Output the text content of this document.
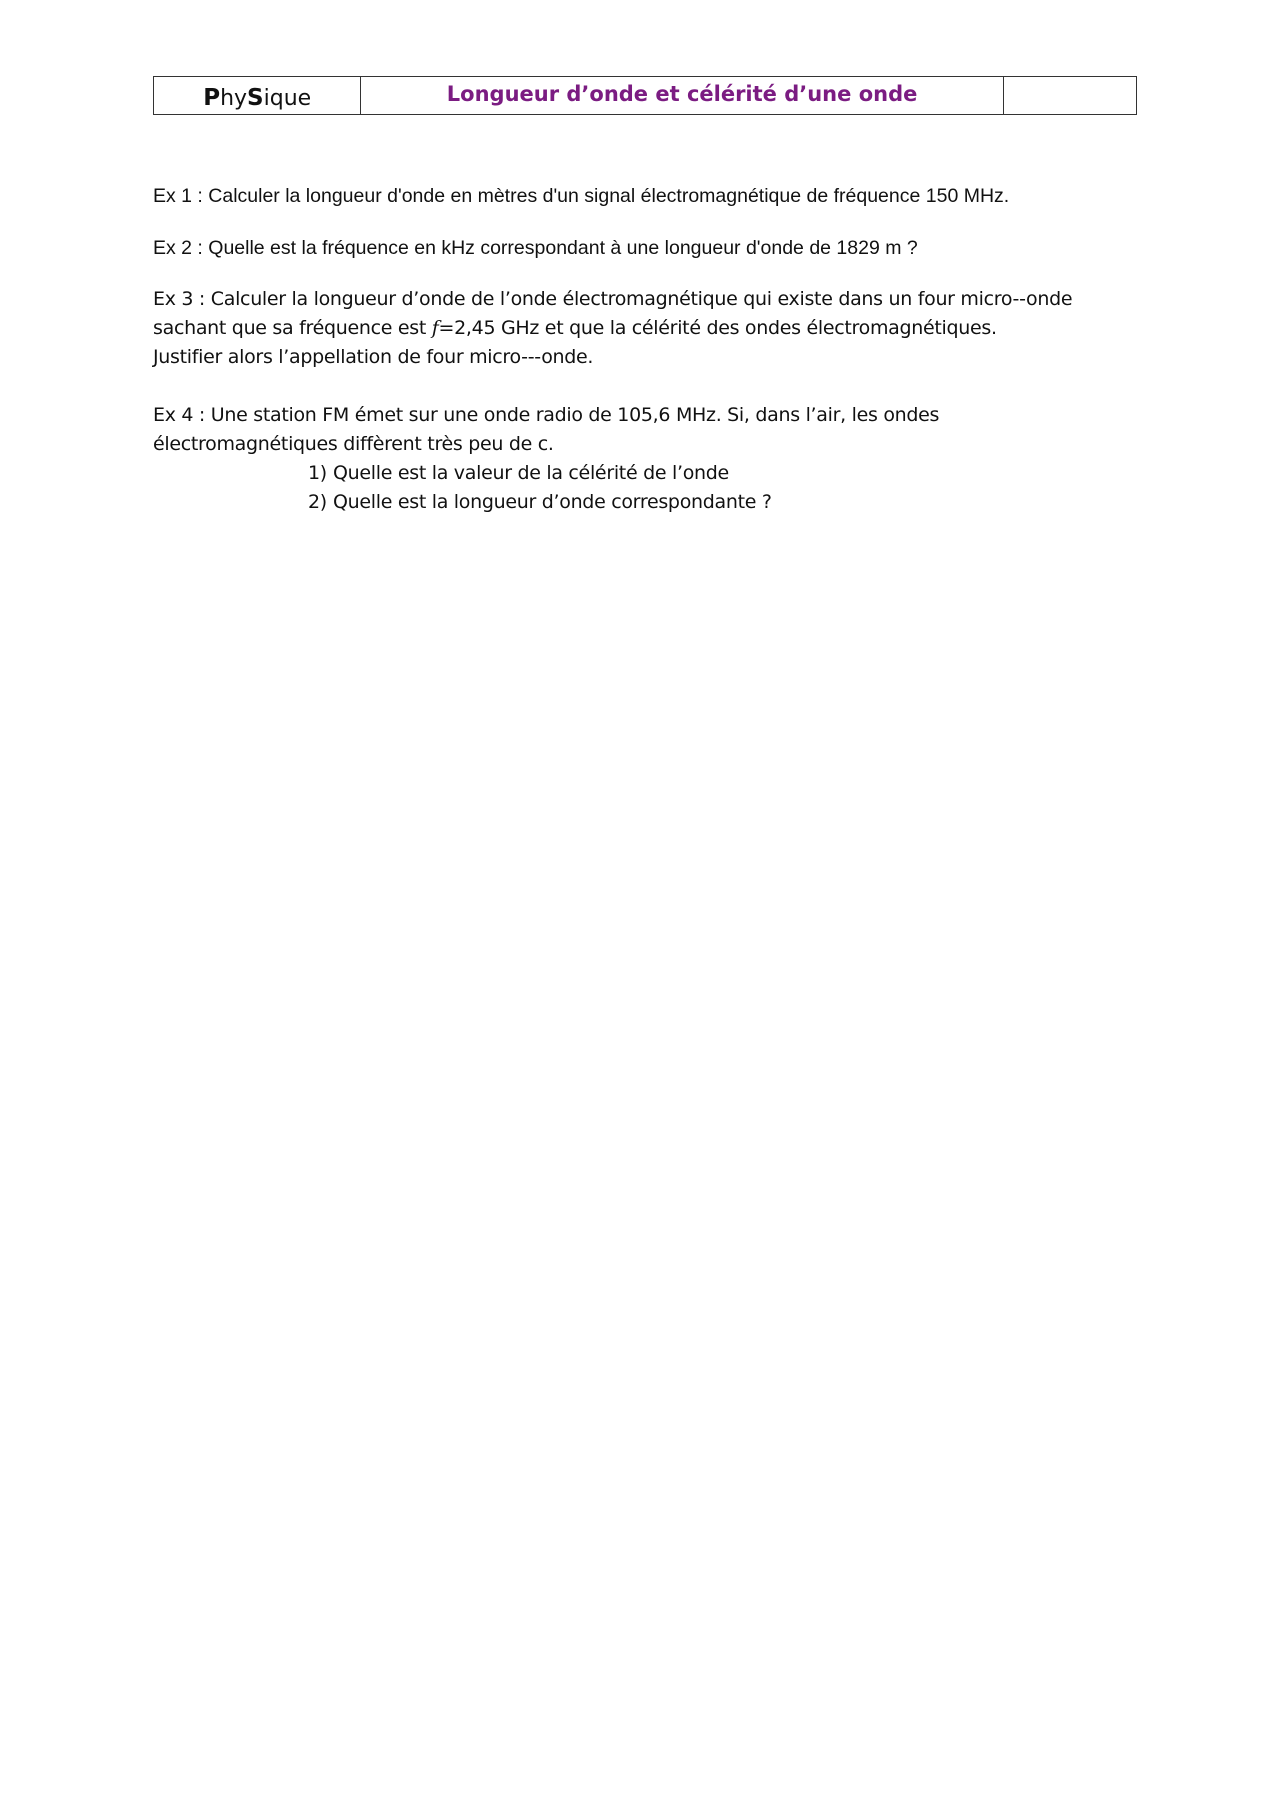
PhySique	Longueur d’onde et célérité d’une onde	

Ex 1 : Calculer la longueur d'onde en mètres d'un signal électromagnétique de fréquence 150 MHz.

Ex 2 : Quelle est la fréquence en kHz correspondant à une longueur d'onde de 1829 m ?

Ex 3 : Calculer la longueur d’onde de l’onde électromagnétique qui existe dans un four micro--onde
sachant que sa fréquence est f=2,45 GHz et que la célérité des ondes électromagnétiques.
Justifier alors l’appellation de four micro---onde.
Ex 4 : Une station FM émet sur une onde radio de 105,6 MHz. Si, dans l’air, les ondes
électromagnétiques diffèrent très peu de c.
1) Quelle est la valeur de la célérité de l’onde
2) Quelle est la longueur d’onde correspondante ?
